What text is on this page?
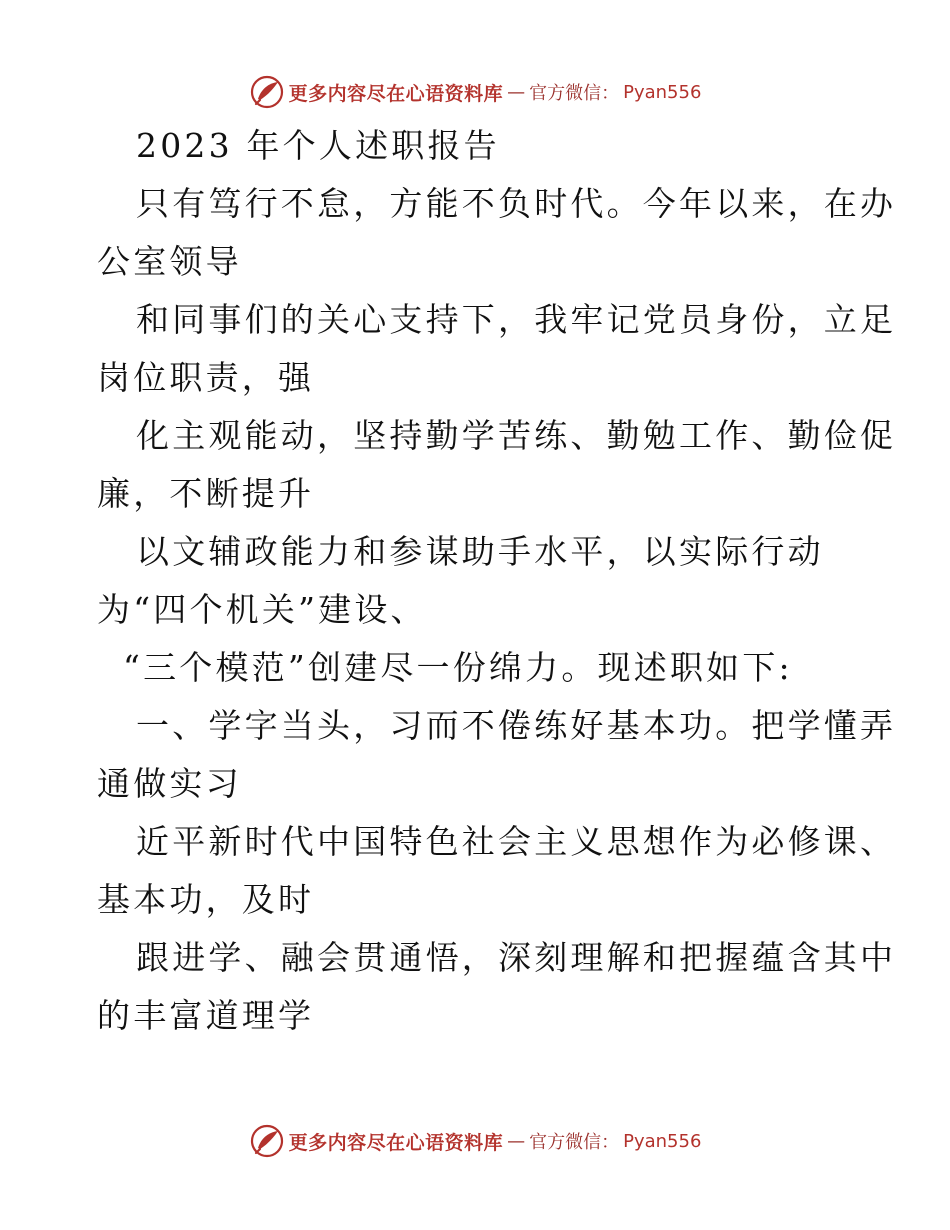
更多内容尽在心语资料库 — 官方微信： Pyan556
2023 年个人述职报告
只有笃行不怠，方能不负时代。今年以来，在办
公室领导
和同事们的关心支持下，我牢记党员身份，立足
岗位职责，强
化主观能动，坚持勤学苦练、勤勉工作、勤俭促
廉，不断提升
以文辅政能力和参谋助手水平，以实际行动
为“四个机关”建设、
“三个模范”创建尽一份绵力。现述职如下:
一、学字当头，习而不倦练好基本功。把学懂弄
通做实习
近平新时代中国特色社会主义思想作为必修课、
基本功，及时
跟进学、融会贯通悟，深刻理解和把握蕴含其中
的丰富道理学
更多内容尽在心语资料库 — 官方微信： Pyan556
